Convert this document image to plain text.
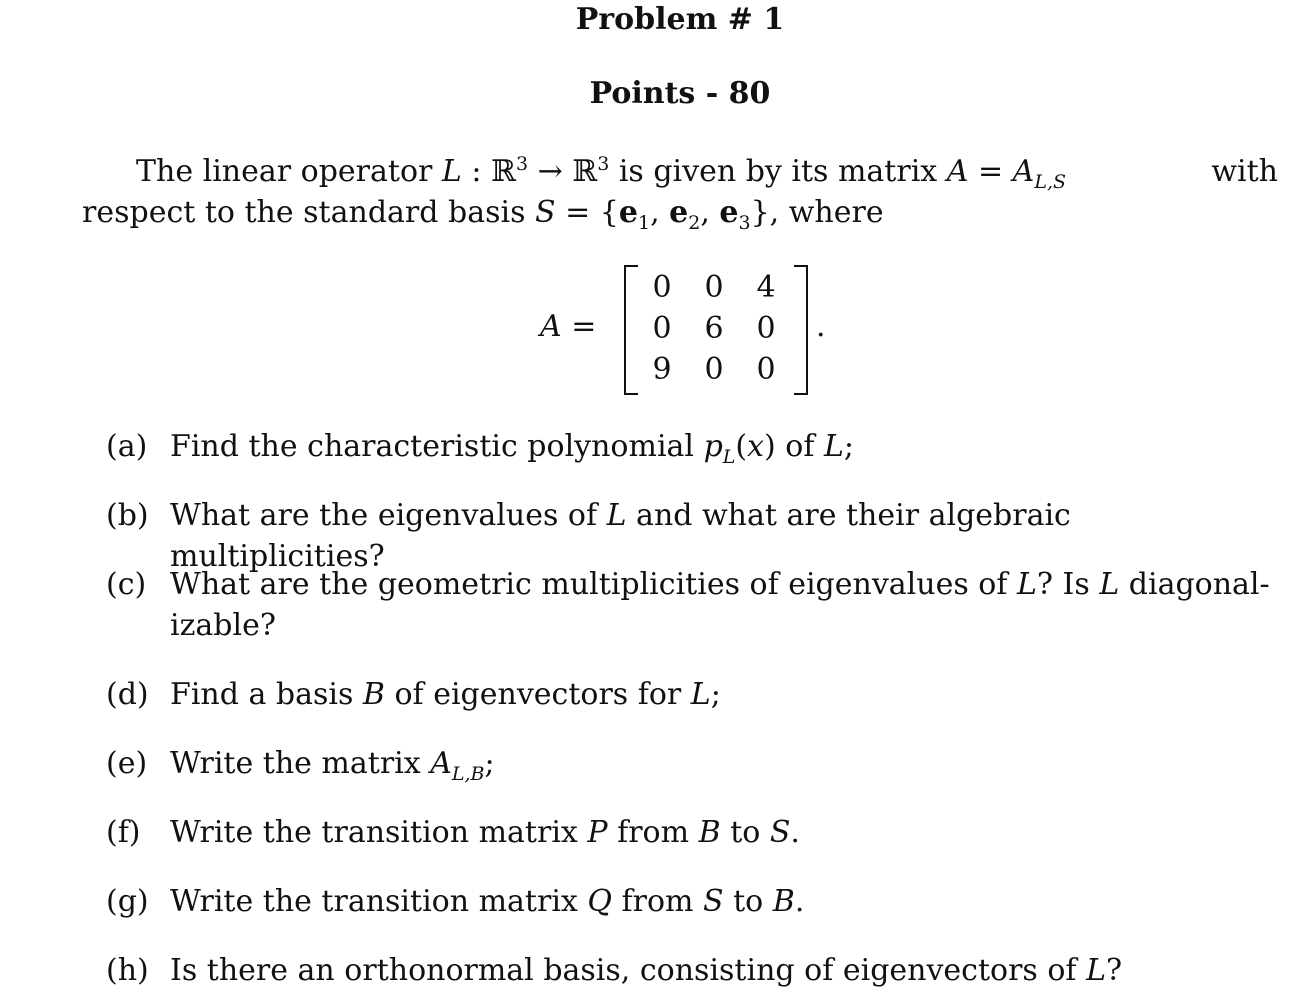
Problem # 1
Points - 80
The linear operator L : ℝ$^3$ → ℝ$^3$ is given by its matrix $A = A_{L,S}$	with
respect to the standard basis $S = \{e_1$, $e_2$, $e_3$}, where
A =
0	0	4
0	6	0
9	0	0
.
(a) Find the characteristic polynomial $p_L(x)$ of L;
(b) What are the eigenvalues of L and what are their algebraic multiplicities?
(c) What are the geometric multiplicities of eigenvalues of L? Is L diagonal-
izable?
(d) Find a basis B of eigenvectors for L;
(e) Write the matrix $A_{L,B}$;
(f) Write the transition matrix P from B to S.
(g) Write the transition matrix Q from S to B.
(h) Is there an orthonormal basis, consisting of eigenvectors of L?
